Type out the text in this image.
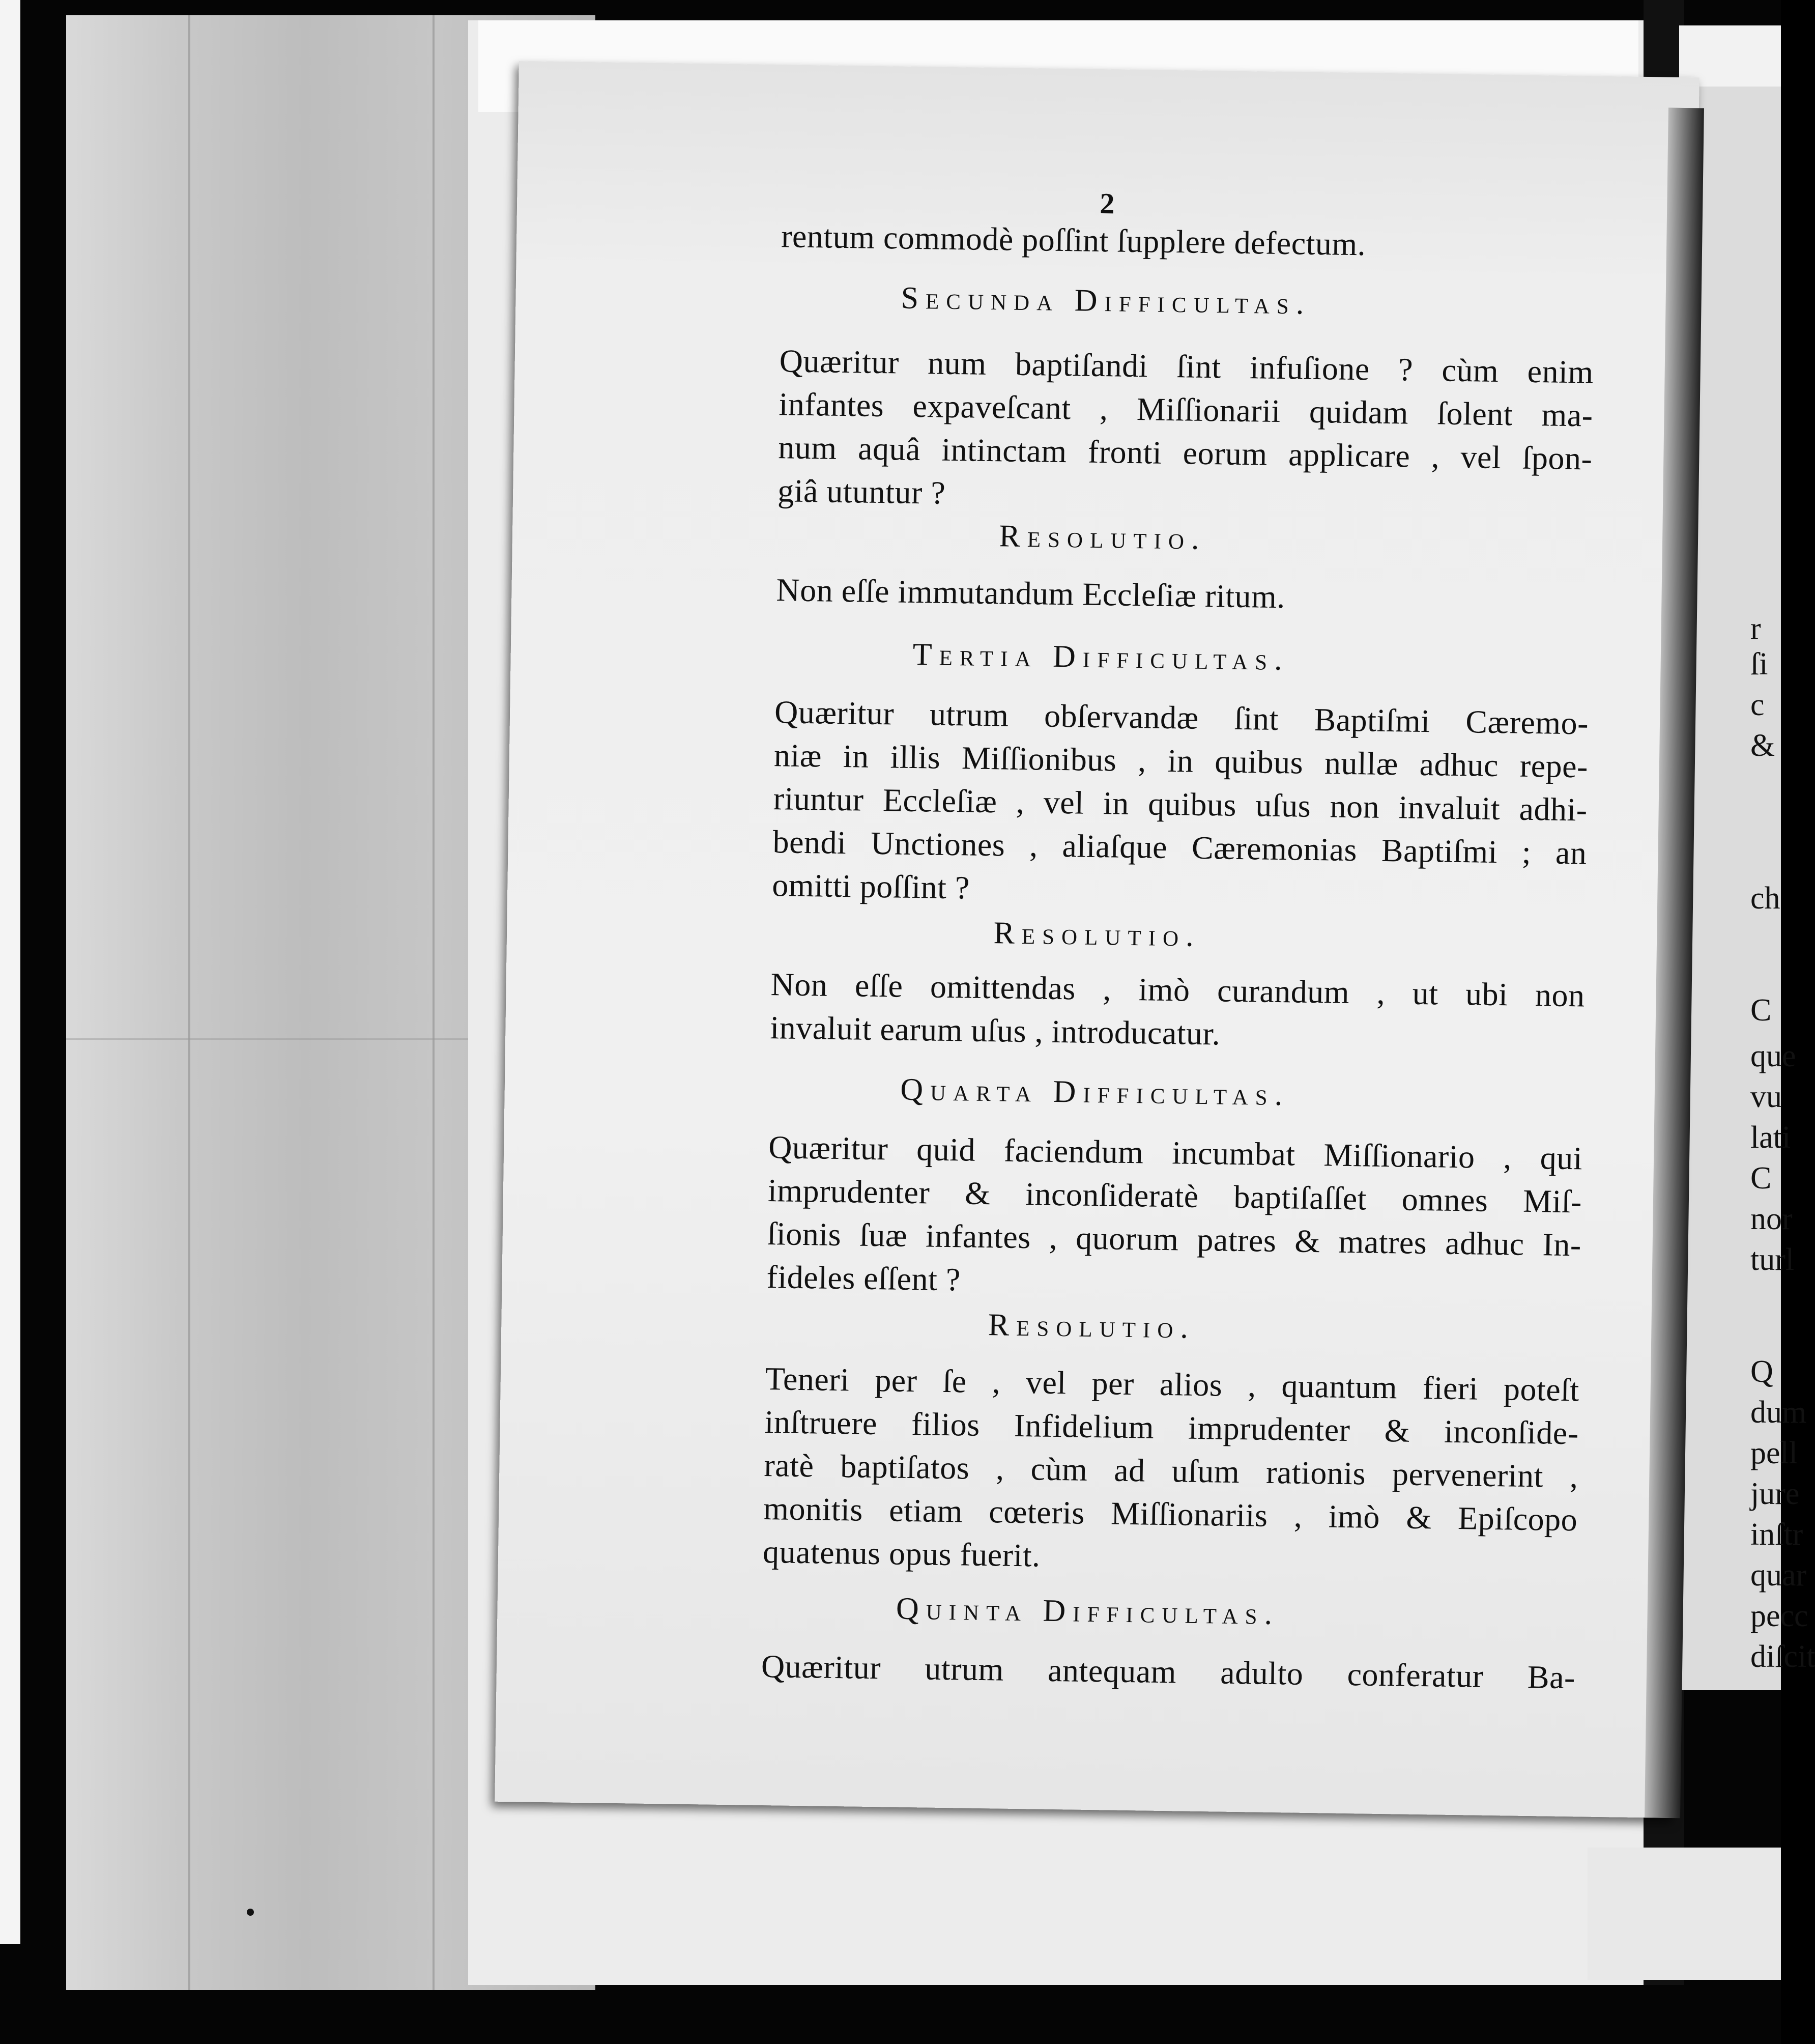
r
ſi
c
&
ch
C
que
vu
lati
C
nor
turl
Q
dum
pell
jure
inſtr
quar
pecc
diſcit
2
rentum commodè poſſint ſupplere defectum.
Secunda Difficultas.
Quæritur num baptiſandi ſint infuſione ? cùm enim
infantes expaveſcant , Miſſionarii quidam ſolent ma-
num aquâ intinctam fronti eorum applicare , vel ſpon-
giâ utuntur ?
Resolutio.
Non eſſe immutandum Eccleſiæ ritum.
Tertia Difficultas.
Quæritur utrum obſervandæ ſint Baptiſmi Cæremo-
niæ in illis Miſſionibus , in quibus nullæ adhuc repe-
riuntur Eccleſiæ , vel in quibus uſus non invaluit adhi-
bendi Unctiones , aliaſque Cæremonias Baptiſmi ; an
omitti poſſint ?
Resolutio.
Non eſſe omittendas , imò curandum , ut ubi non
invaluit earum uſus , introducatur.
Quarta Difficultas.
Quæritur quid faciendum incumbat Miſſionario , qui
imprudenter & inconſideratè baptiſaſſet omnes Miſ-
ſionis ſuæ infantes , quorum patres & matres adhuc In-
fideles eſſent ?
Resolutio.
Teneri per ſe , vel per alios , quantum fieri poteſt
inſtruere filios Infidelium imprudenter & inconſide-
ratè baptiſatos , cùm ad uſum rationis pervenerint ,
monitis etiam cœteris Miſſionariis , imò & Epiſcopo
quatenus opus fuerit.
Quinta Difficultas.
Quæritur utrum antequam adulto conferatur Ba-
